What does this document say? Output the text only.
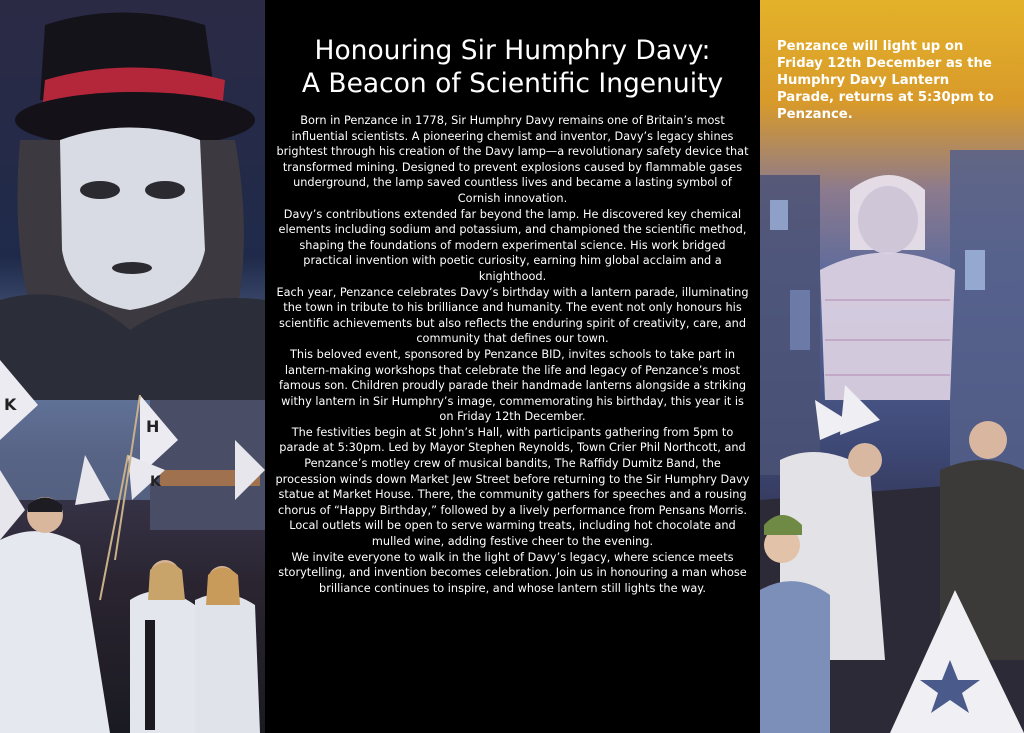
K
H
K
Honouring Sir Humphry Davy:
A Beacon of Scientific Ingenuity

Born in Penzance in 1778, Sir Humphry Davy remains one of Britain’s most influential scientists. A pioneering chemist and inventor, Davy’s legacy shines brightest through his creation of the Davy lamp—a revolutionary safety device that transformed mining. Designed to prevent explosions caused by flammable gases underground, the lamp saved countless lives and became a lasting symbol of Cornish innovation.

Davy’s contributions extended far beyond the lamp. He discovered key chemical elements including sodium and potassium, and championed the scientific method, shaping the foundations of modern experimental science. His work bridged practical invention with poetic curiosity, earning him global acclaim and a knighthood.

Each year, Penzance celebrates Davy’s birthday with a lantern parade, illuminating the town in tribute to his brilliance and humanity. The event not only honours his scientific achievements but also reflects the enduring spirit of creativity, care, and community that defines our town.

This beloved event, sponsored by Penzance BID, invites schools to take part in lantern-making workshops that celebrate the life and legacy of Penzance’s most famous son. Children proudly parade their handmade lanterns alongside a striking withy lantern in Sir Humphry’s image, commemorating his birthday, this year it is on Friday 12th December.

The festivities begin at St John’s Hall, with participants gathering from 5pm to parade at 5:30pm. Led by Mayor Stephen Reynolds, Town Crier Phil Northcott, and Penzance’s motley crew of musical bandits, The Raffidy Dumitz Band, the procession winds down Market Jew Street before returning to the Sir Humphry Davy statue at Market House. There, the community gathers for speeches and a rousing chorus of “Happy Birthday,” followed by a lively performance from Pensans Morris. Local outlets will be open to serve warming treats, including hot chocolate and mulled wine, adding festive cheer to the evening.

We invite everyone to walk in the light of Davy’s legacy, where science meets storytelling, and invention becomes celebration. Join us in honouring a man whose brilliance continues to inspire, and whose lantern still lights the way.

Penzance will light up on Friday 12th December as the Humphry Davy Lantern Parade, returns at 5:30pm to Penzance.
